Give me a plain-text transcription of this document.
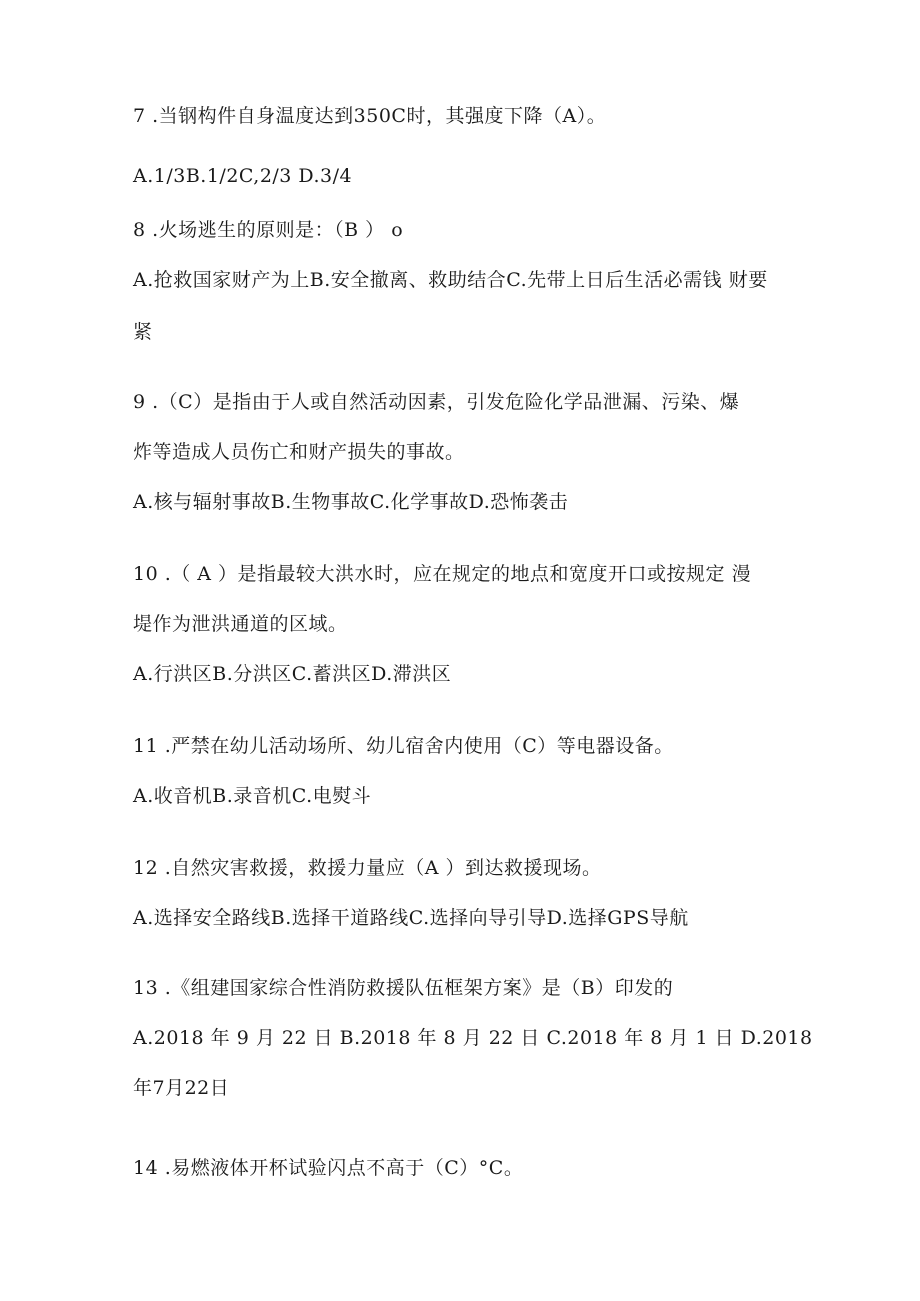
7 .当钢构件自身温度达到350C时，其强度下降（A）。
A.1/3B.1/2C,2/3 D.3/4
8 .火场逃生的原则是：（B ） o
A.抢救国家财产为上B.安全撤离、救助结合C.先带上日后生活必需钱 财要
紧
9 .（C）是指由于人或自然活动因素，引发危险化学品泄漏、污染、爆
炸等造成人员伤亡和财产损失的事故。
A.核与辐射事故B.生物事故C.化学事故D.恐怖袭击
10 .（ A ）是指最较大洪水时，应在规定的地点和宽度开口或按规定 漫
堤作为泄洪通道的区域。
A.行洪区B.分洪区C.蓄洪区D.滞洪区
11 .严禁在幼儿活动场所、幼儿宿舍内使用（C）等电器设备。
A.收音机B.录音机C.电熨斗
12 .自然灾害救援，救援力量应（A ）到达救援现场。
A.选择安全路线B.选择干道路线C.选择向导引导D.选择GPS导航
13 .《组建国家综合性消防救援队伍框架方案》是（B）印发的
A.2018 年 9 月 22 日 B.2018 年 8 月 22 日 C.2018 年 8 月 1 日 D.2018
年7月22日
14 .易燃液体开杯试验闪点不高于（C）°C。
